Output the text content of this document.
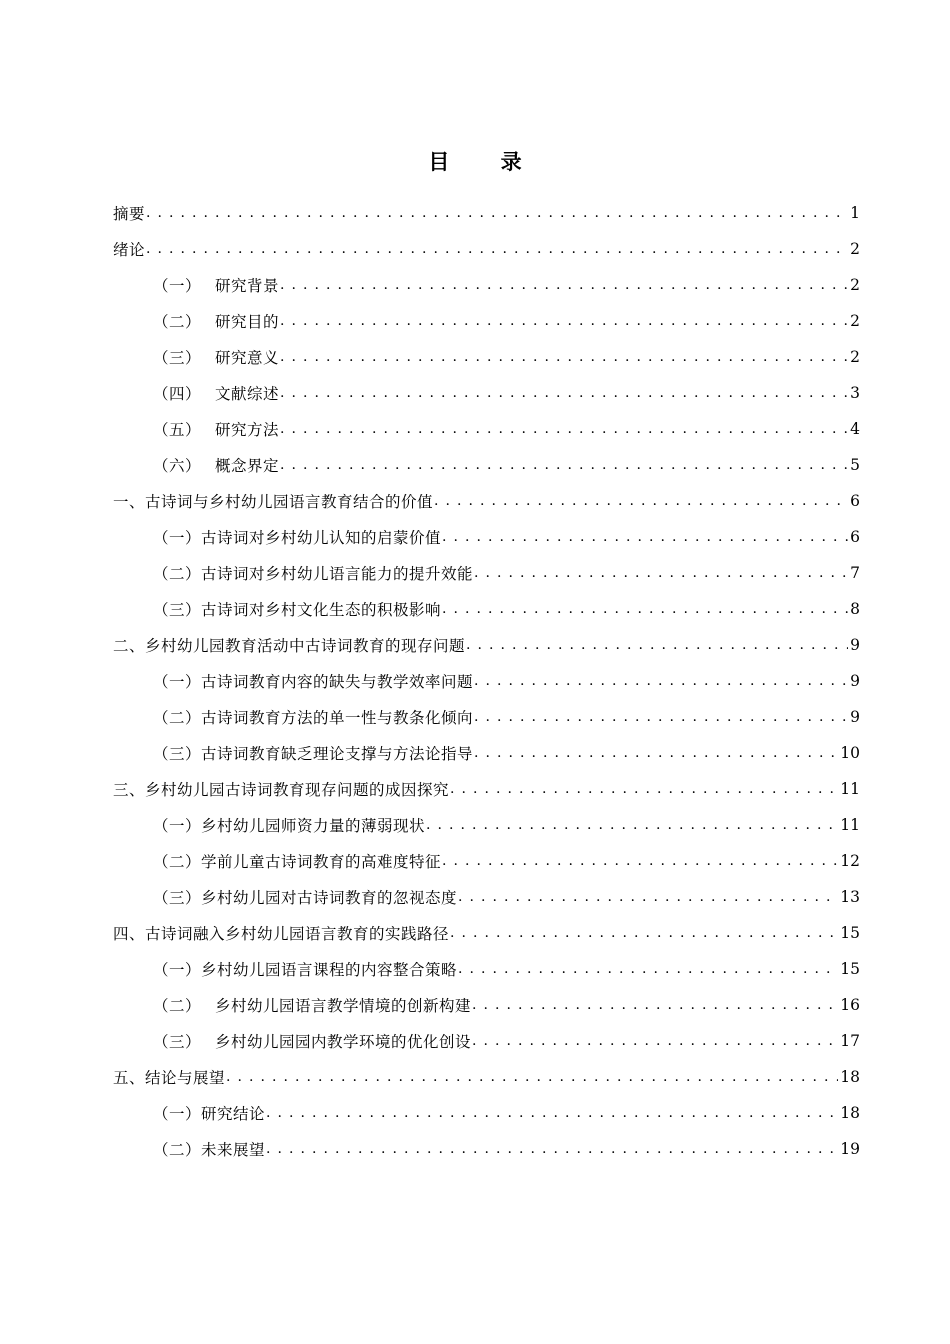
目 录
摘要 . . .	1
绪论 . . .	2
（一） 研究背景 . . .	2
（二） 研究目的 . . .	2
（三） 研究意义 . . .	2
（四） 文献综述 . . .	3
（五） 研究方法 . . .	4
（六） 概念界定 . . .	5
一、古诗词与乡村幼儿园语言教育结合的价值 . . .	6
（一）古诗词对乡村幼儿认知的启蒙价值 . . .	6
（二）古诗词对乡村幼儿语言能力的提升效能 . . .	7
（三）古诗词对乡村文化生态的积极影响 . . .	8
二、乡村幼儿园教育活动中古诗词教育的现存问题 . . .	9
（一）古诗词教育内容的缺失与教学效率问题 . . .	9
（二）古诗词教育方法的单一性与教条化倾向 . . .	9
（三）古诗词教育缺乏理论支撑与方法论指导 . . .	10
三、乡村幼儿园古诗词教育现存问题的成因探究 . . .	11
（一）乡村幼儿园师资力量的薄弱现状 . . .	11
（二）学前儿童古诗词教育的高难度特征 . . .	12
（三）乡村幼儿园对古诗词教育的忽视态度 . . .	13
四、古诗词融入乡村幼儿园语言教育的实践路径 . . .	15
（一）乡村幼儿园语言课程的内容整合策略 . . .	15
（二） 乡村幼儿园语言教学情境的创新构建 . . .	16
（三） 乡村幼儿园园内教学环境的优化创设 . . .	17
五、结论与展望 . . .	18
（一）研究结论 . . .	18
（二）未来展望 . . .	19
